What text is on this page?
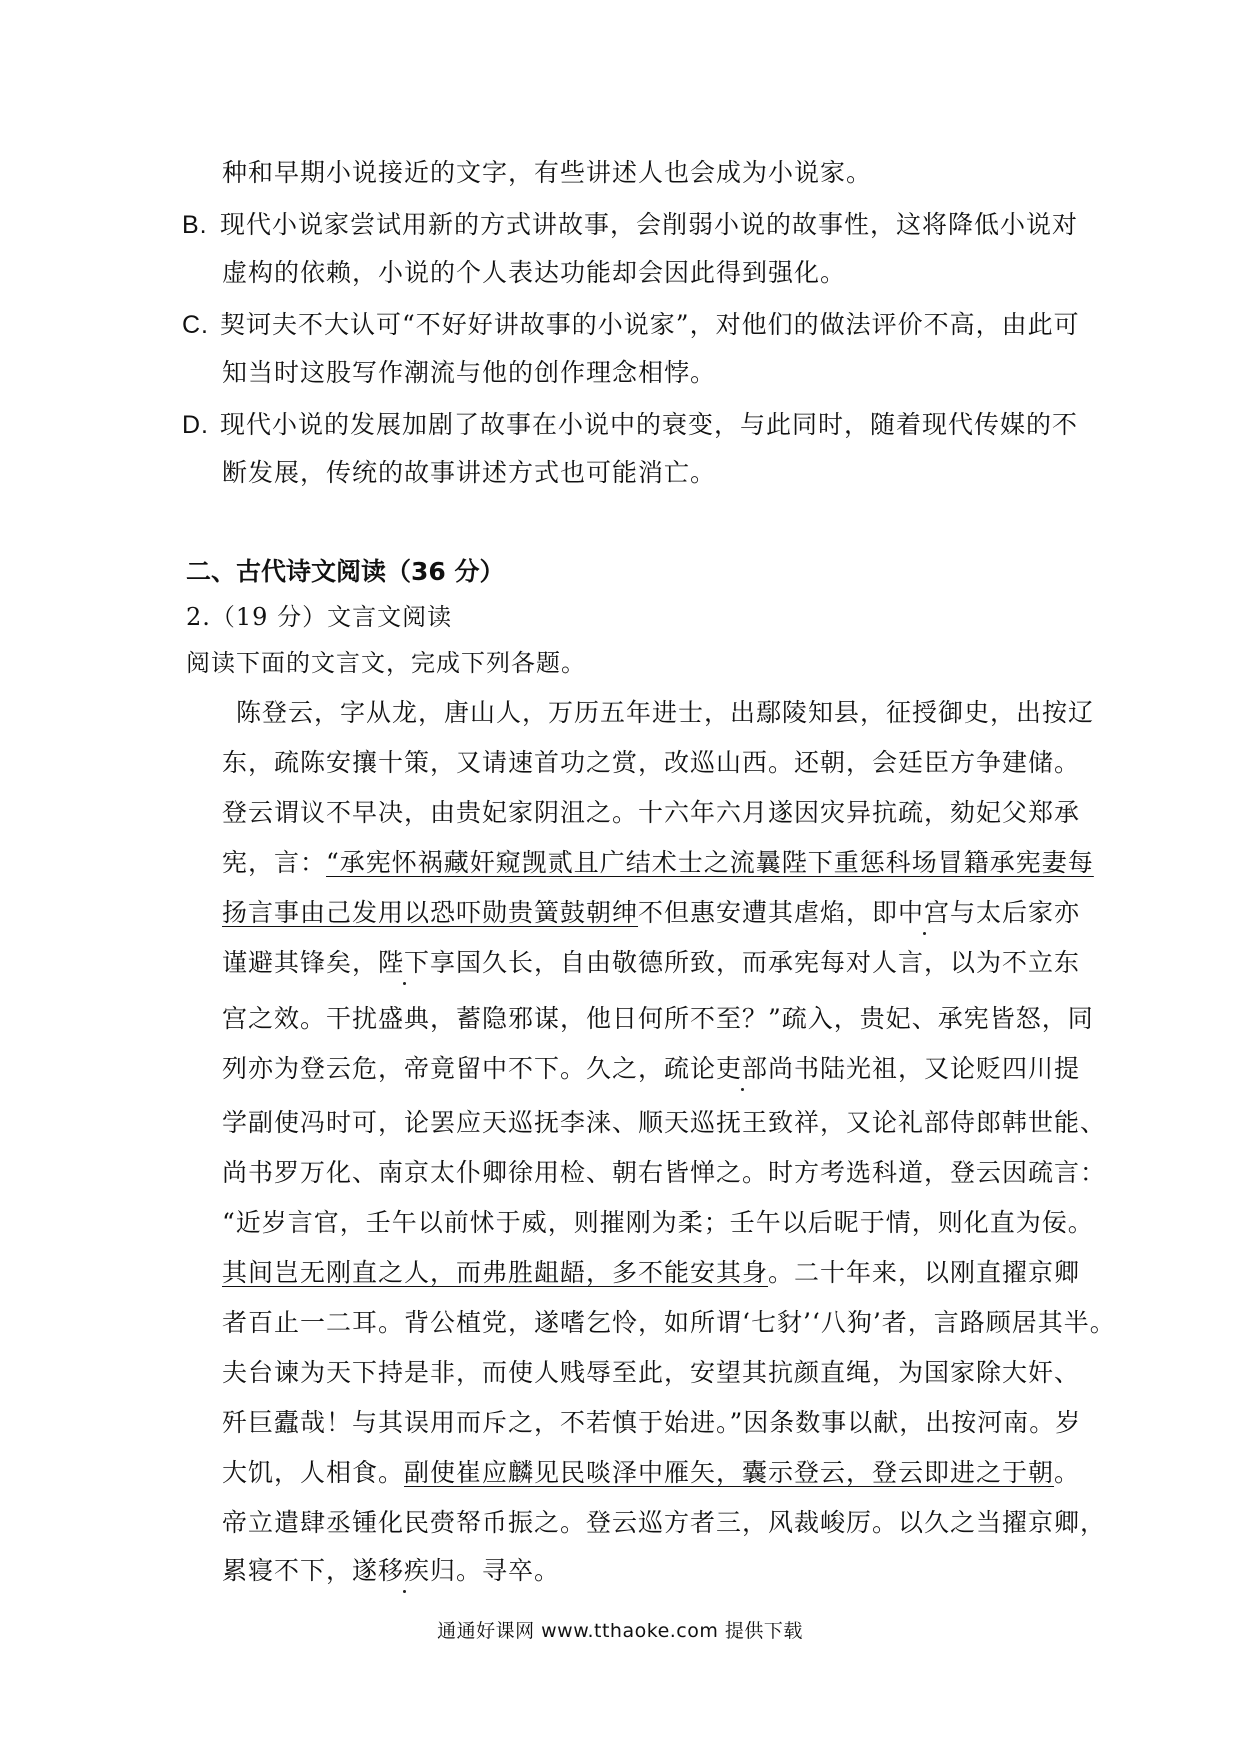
种和早期小说接近的文字，有些讲述人也会成为小说家。
B. 现代小说家尝试用新的方式讲故事，会削弱小说的故事性，这将降低小说对
虚构的依赖，小说的个人表达功能却会因此得到强化。
C. 契诃夫不大认可“不好好讲故事的小说家”，对他们的做法评价不高，由此可
知当时这股写作潮流与他的创作理念相悖。
D. 现代小说的发展加剧了故事在小说中的衰变，与此同时，随着现代传媒的不
断发展，传统的故事讲述方式也可能消亡。
二、古代诗文阅读（36 分）
2.（19 分）文言文阅读
阅读下面的文言文，完成下列各题。
陈登云，字从龙，唐山人，万历五年进士，出鄢陵知县，征授御史，出按辽
东，疏陈安攘十策，又请速首功之赏，改巡山西。还朝，会廷臣方争建储。
登云谓议不早决，由贵妃家阴沮之。十六年六月遂因灾异抗疏，劾妃父郑承
宪，言：“承宪怀祸藏奸窥觊贰且广结术士之流曩陛下重惩科场冒籍承宪妻每
扬言事由己发用以恐吓勋贵簧鼓朝绅不但惠安遭其虐焰，即中宫与太后家亦
谨避其锋矣，陛下享国久长，自由敬德所致，而承宪每对人言，以为不立东
宫之效。干扰盛典，蓄隐邪谋，他日何所不至？”疏入，贵妃、承宪皆怒，同
列亦为登云危，帝竟留中不下。久之，疏论吏部尚书陆光祖，又论贬四川提
学副使冯时可，论罢应天巡抚李涞、顺天巡抚王致祥，又论礼部侍郎韩世能、
尚书罗万化、南京太仆卿徐用检、朝右皆惮之。时方考选科道，登云因疏言：
“近岁言官，壬午以前怵于威，则摧刚为柔；壬午以后昵于情，则化直为佞。
其间岂无刚直之人，而弗胜龃龉，多不能安其身。二十年来，以刚直擢京卿
者百止一二耳。背公植党，遂嗜乞怜，如所谓‘七豺’‘八狗’者，言路顾居其半。
夫台谏为天下持是非，而使人贱辱至此，安望其抗颜直绳，为国家除大奸、
歼巨蠹哉！与其误用而斥之，不若慎于始进。”因条数事以献，出按河南。岁
大饥，人相食。副使崔应麟见民啖泽中雁矢，囊示登云，登云即进之于朝。
帝立遣肆丞锺化民赍帑币振之。登云巡方者三，风裁峻厉。以久之当擢京卿，
累寝不下，遂移疾归。寻卒。
通通好课网 www.tthaoke.com 提供下载
